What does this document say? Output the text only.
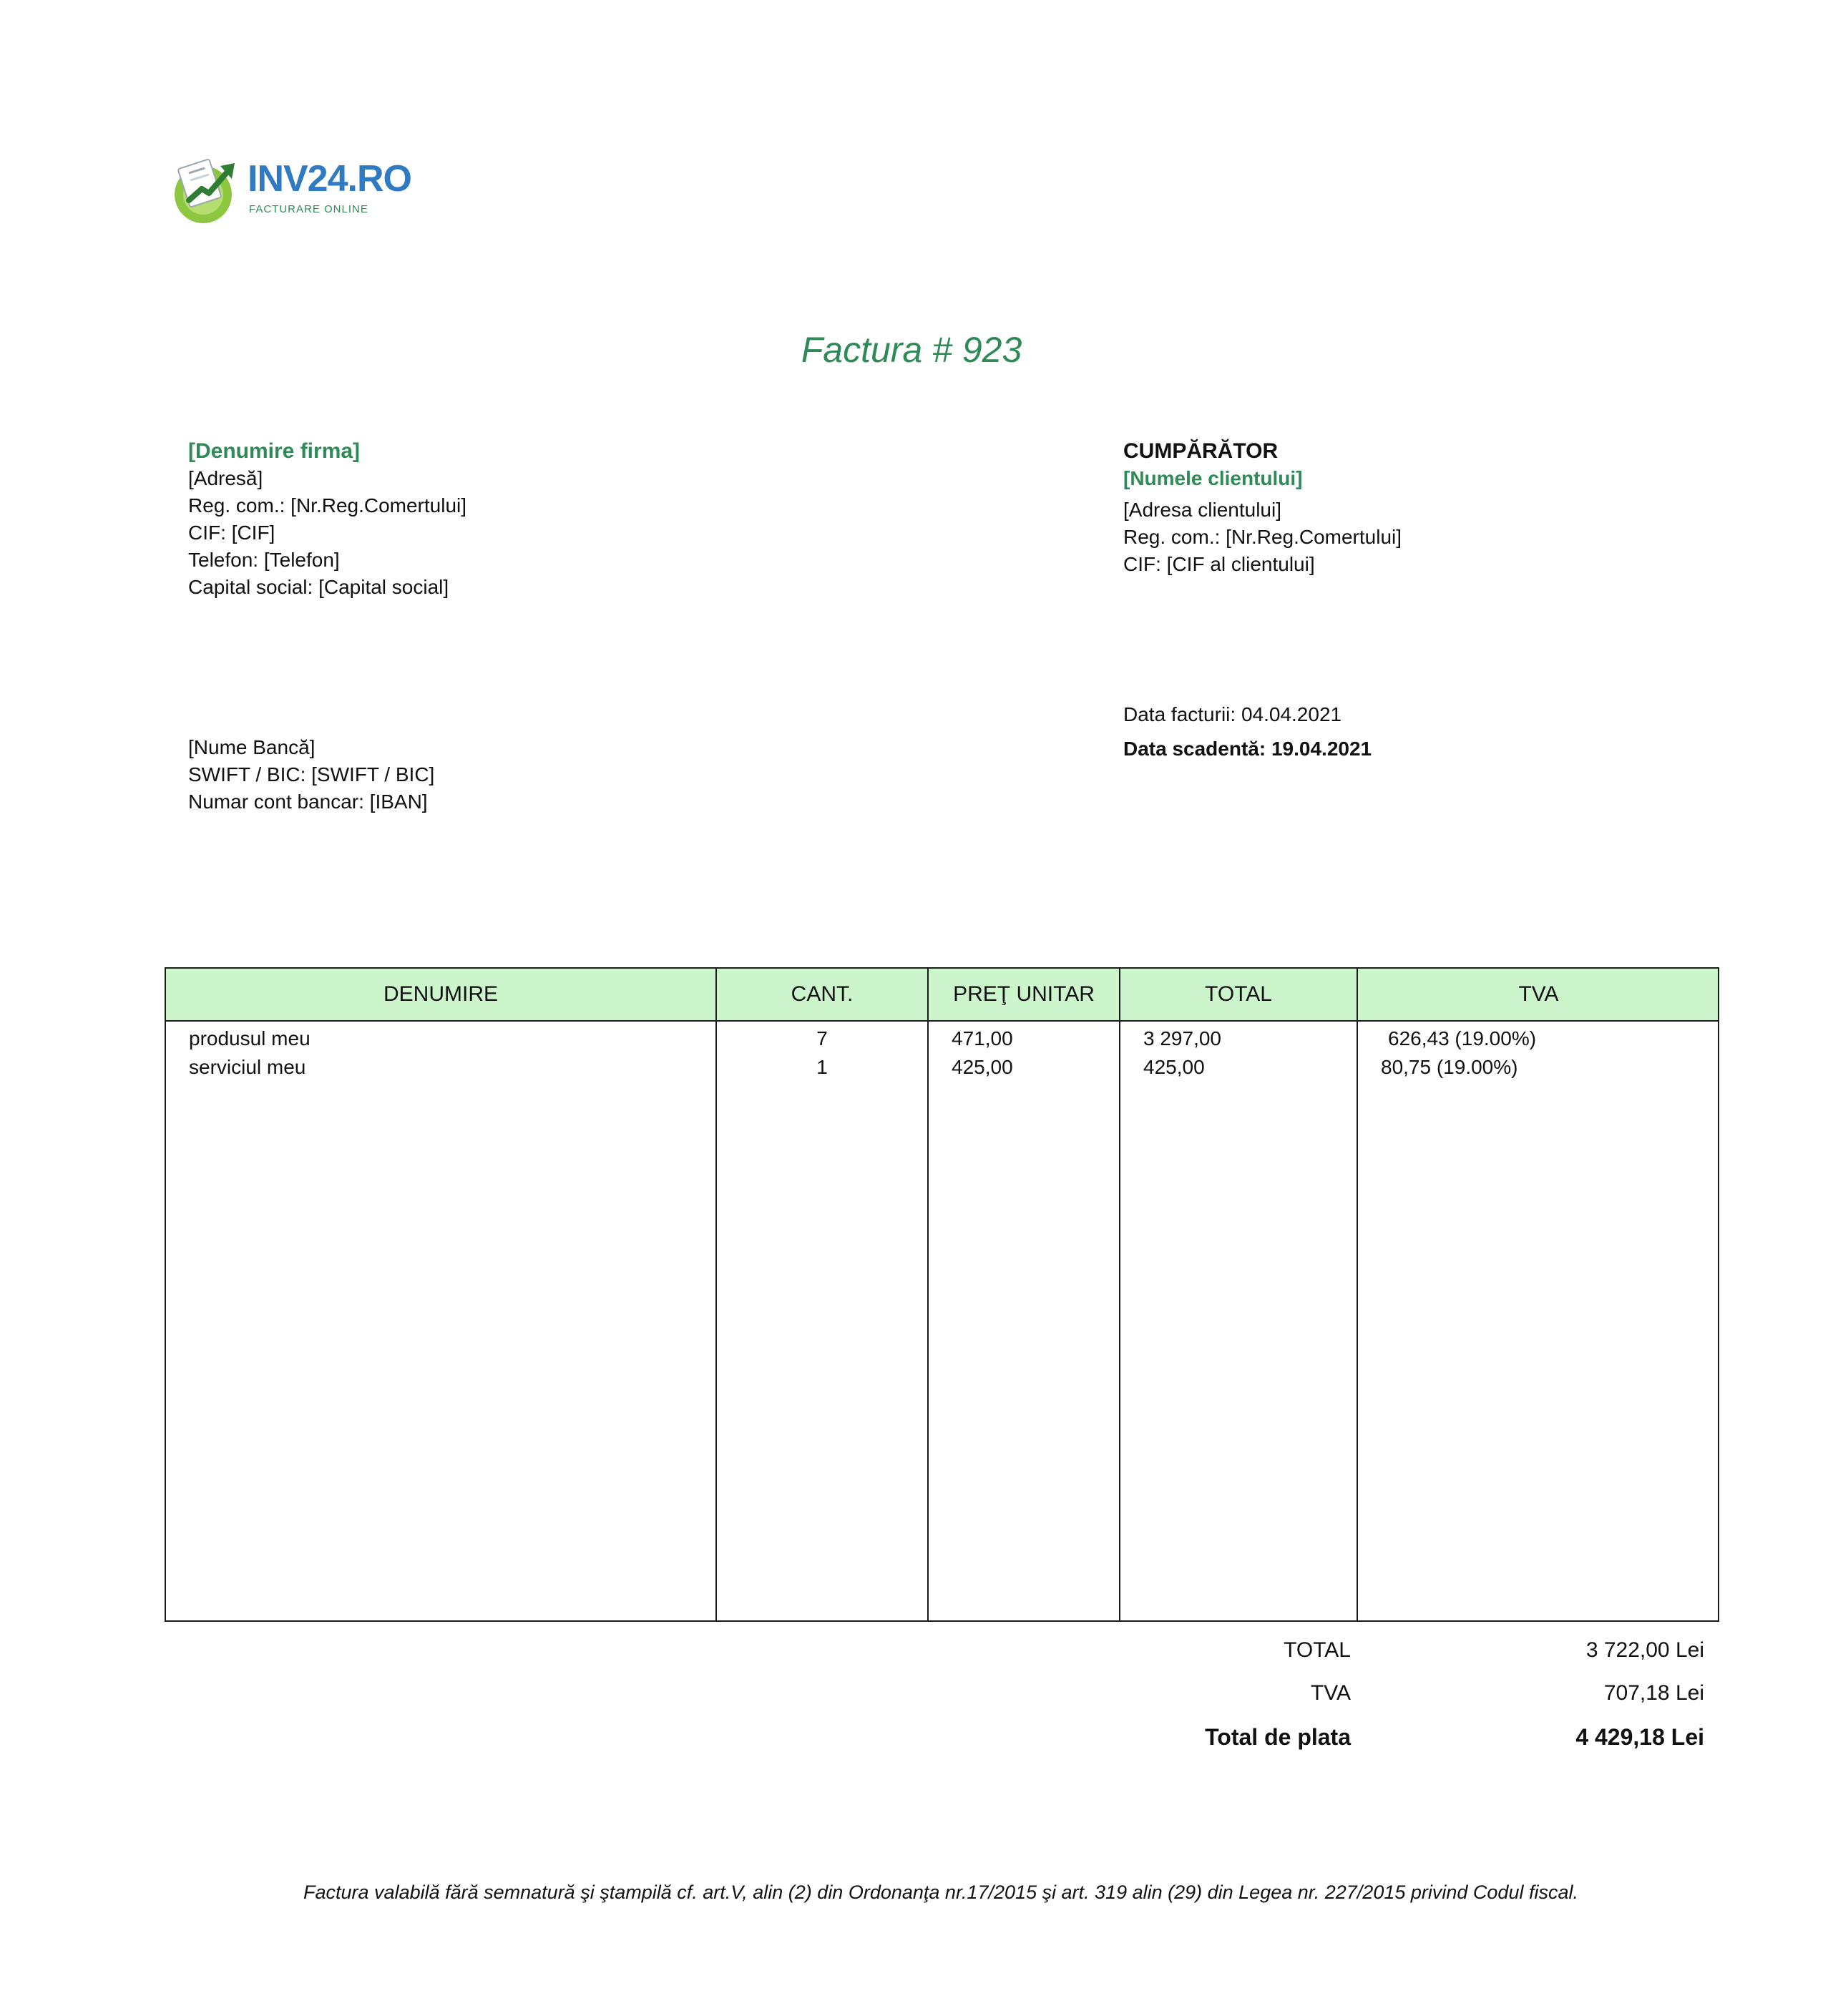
INV24.RO
FACTURARE ONLINE
Factura # 923
[Denumire firma]
[Adresă]
Reg. com.: [Nr.Reg.Comertului]
CIF: [CIF]
Telefon: [Telefon]
Capital social: [Capital social]
[Nume Bancă]
SWIFT / BIC: [SWIFT / BIC]
Numar cont bancar: [IBAN]
CUMPĂRĂTOR
[Numele clientului]
[Adresa clientului]
Reg. com.: [Nr.Reg.Comertului]
CIF: [CIF al clientului]
Data facturii: 04.04.2021
Data scadentă: 19.04.2021
DENUMIRE	CANT.	PREŢ UNITAR	TOTAL	TVA
produsul meu	7	471,00	3 297,00	626,43 (19.00%)
serviciul meu	1	425,00	425,00	80,75 (19.00%)
TOTAL	3 722,00 Lei
TVA	707,18 Lei
Total de plata	4 429,18 Lei
Factura valabilă fără semnatură şi ştampilă cf. art.V, alin (2) din Ordonanţa nr.17/2015 şi art. 319 alin (29) din Legea nr. 227/2015 privind Codul fiscal.
